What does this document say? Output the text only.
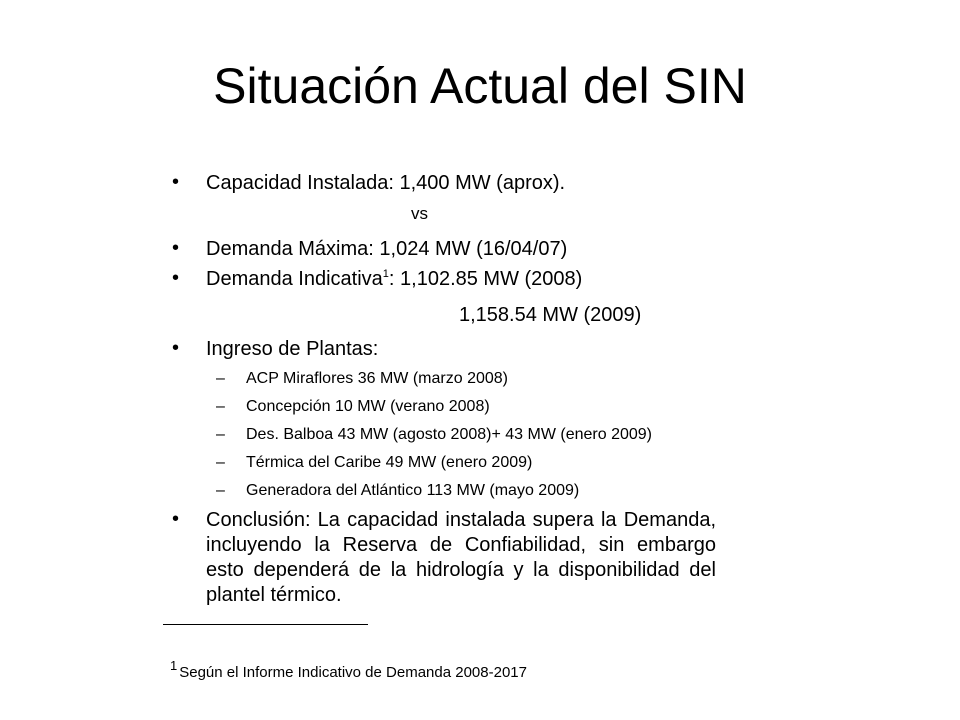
Situación Actual del SIN
• Capacidad Instalada: 1,400 MW (aprox).
vs
• Demanda Máxima: 1,024 MW (16/04/07)
• Demanda Indicativa$^1$: 1,102.85 MW (2008)
1,158.54 MW (2009)
• Ingreso de Plantas:
– ACP Miraflores 36 MW (marzo 2008)
– Concepción 10 MW (verano 2008)
– Des. Balboa 43 MW (agosto 2008)+ 43 MW (enero 2009)
– Térmica del Caribe 49 MW (enero 2009)
– Generadora del Atlántico 113 MW (mayo 2009)
• Conclusión: La capacidad instalada supera la Demanda, incluyendo la Reserva de Confiabilidad, sin embargo esto dependerá de la hidrología y la disponibilidad del plantel térmico.
$^1$ Según el Informe Indicativo de Demanda 2008-2017
